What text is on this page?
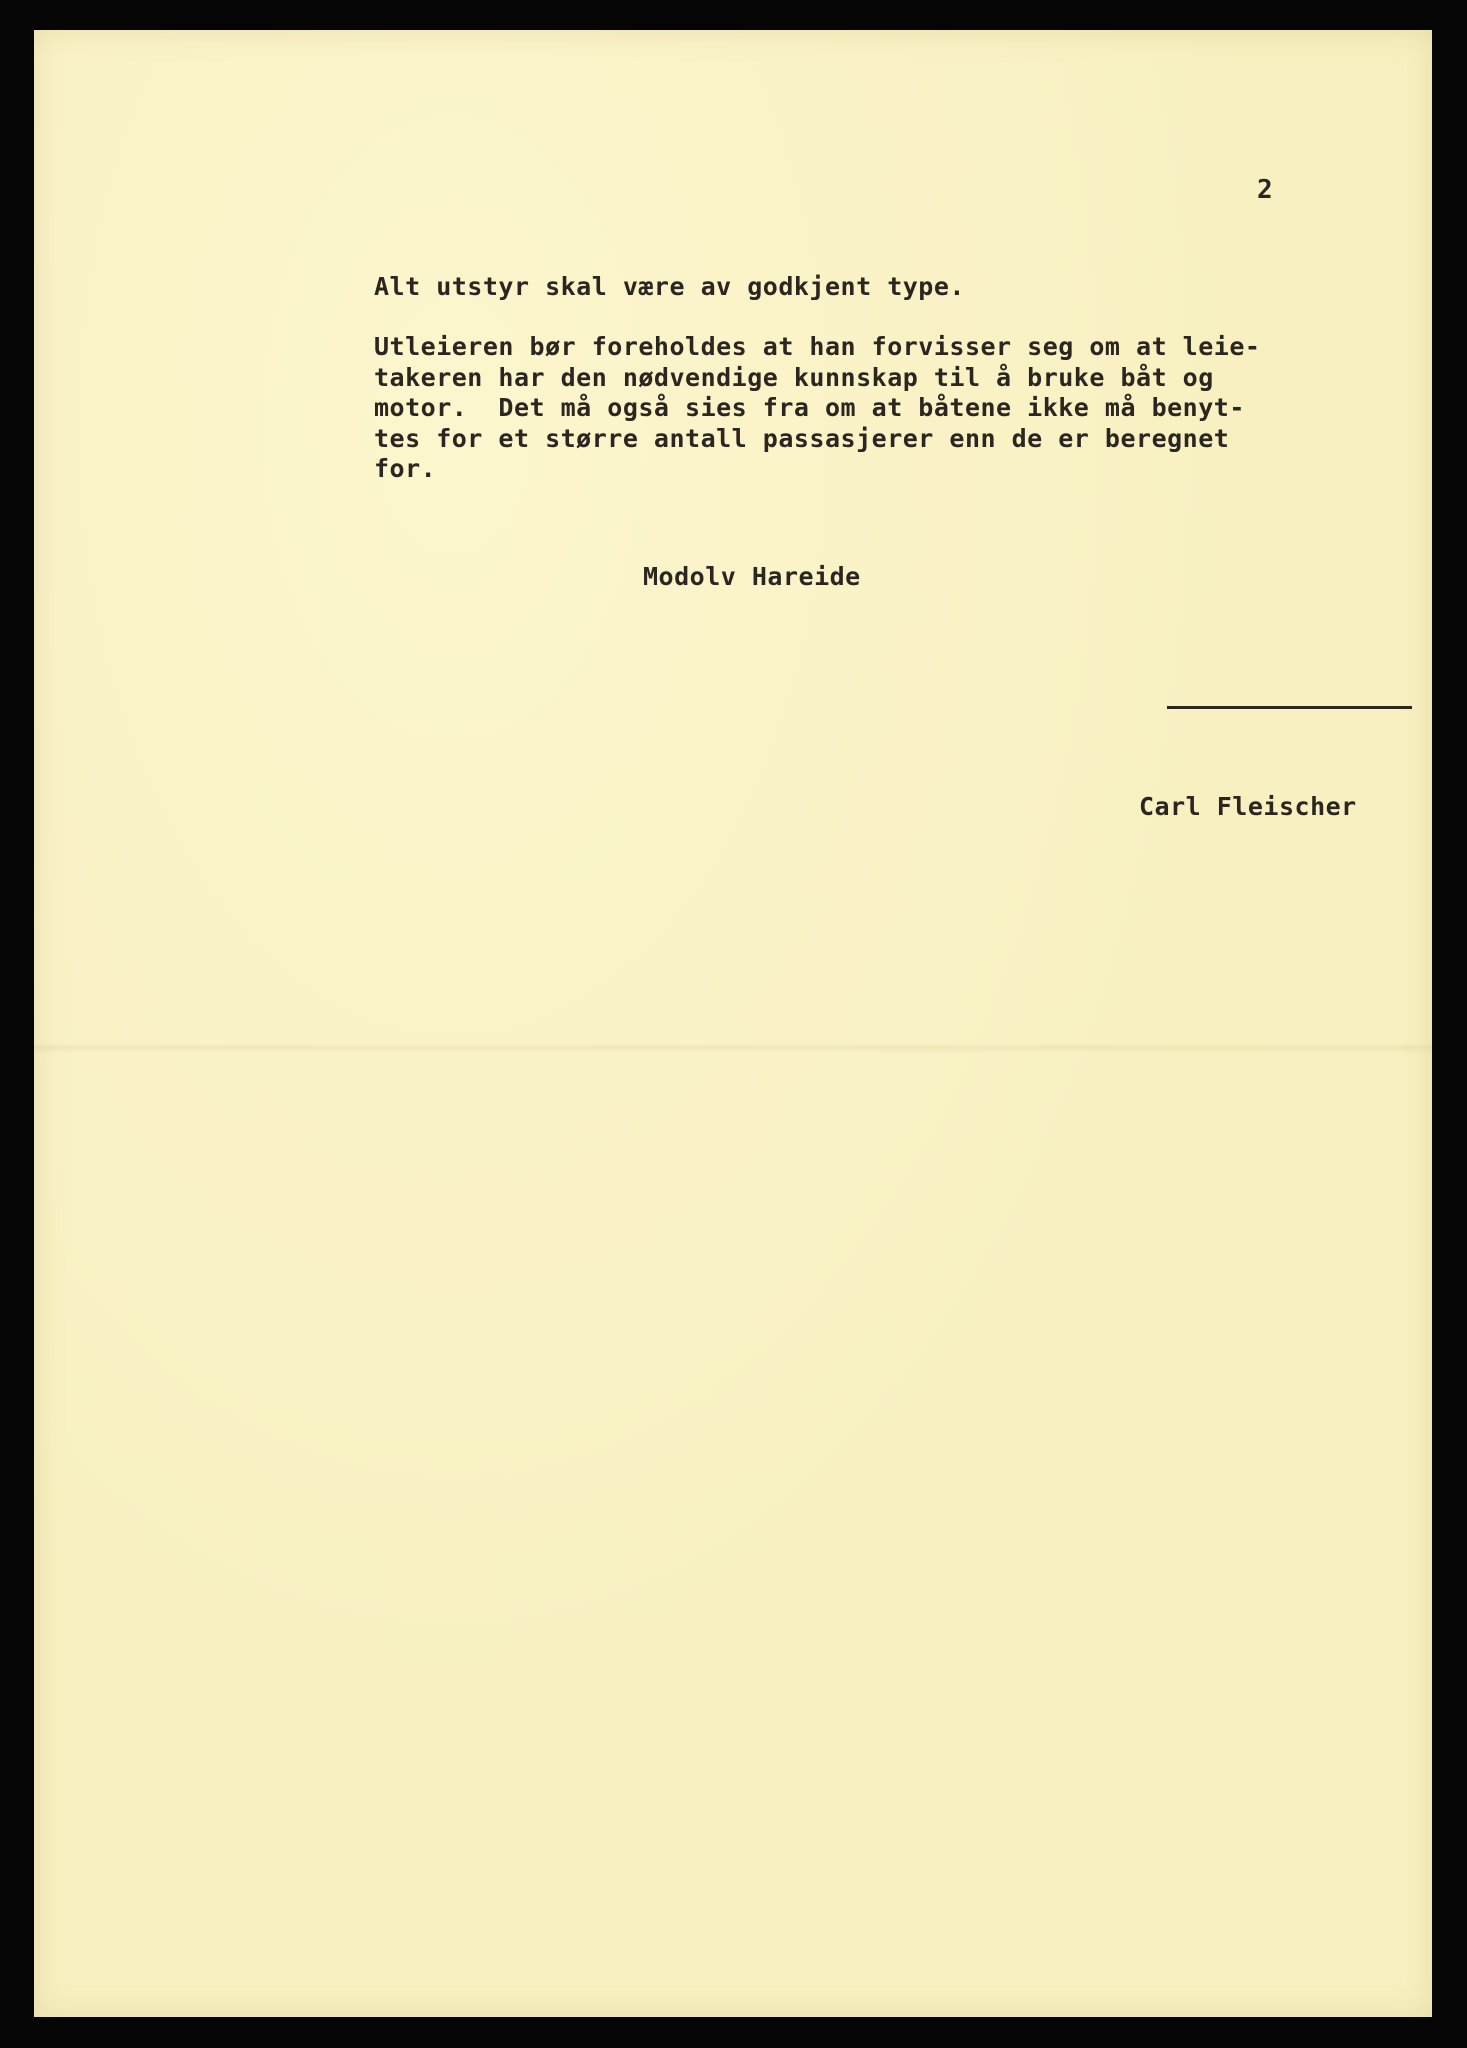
2
Alt utstyr skal være av godkjent type.
Utleieren bør foreholdes at han forvisser seg om at leie-
takeren har den nødvendige kunnskap til å bruke båt og
motor.  Det må også sies fra om at båtene ikke må benyt-
tes for et større antall passasjerer enn de er beregnet
for.
Modolv Hareide
Carl Fleischer
